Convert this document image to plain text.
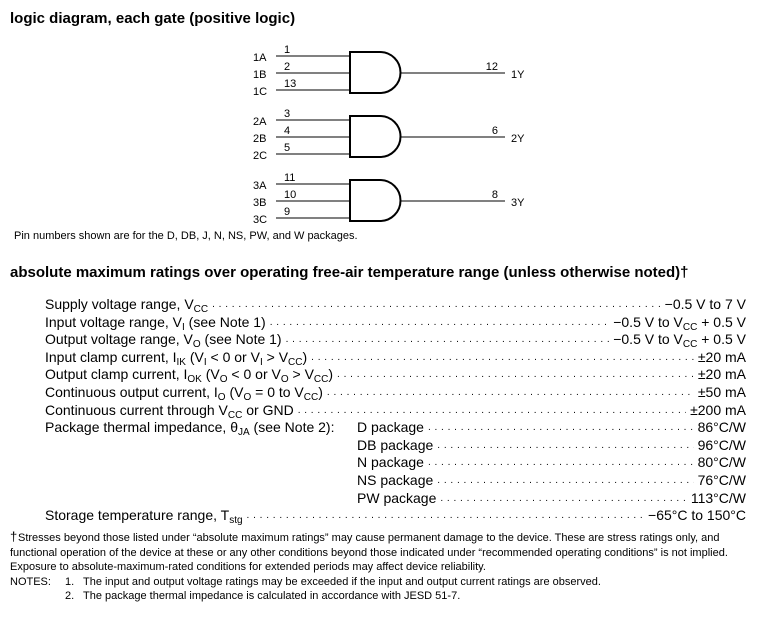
logic diagram, each gate (positive logic)
1A
1
1B
2
1C
13
12
1Y
2A
3
2B
4
2C
5
6
2Y
3A
11
3B
10
3C
9
8
3Y
Pin numbers shown are for the D, DB, J, N, NS, PW, and W packages.
absolute maximum ratings over operating free-air temperature range (unless otherwise noted)†
Supply voltage range, $V_{CC}$ . . .	−0.5 V to 7 V
Input voltage range, $V_I$ (see Note 1) . . .	−0.5 V to $V_{CC} + 0.5$ V
Output voltage range, $V_O$ (see Note 1) . . .	−0.5 V to $V_{CC} + 0.5$ V
Input clamp current, $I_{IK}$ ($V_I < 0$ or $V_I > V_{CC}$) . . .	±20 mA
Output clamp current, $I_{OK}$ ($V_O < 0$ or $V_O > V_{CC}$) . . .	±20 mA
Continuous output current, $I_O$ ($V_O = 0$ to $V_{CC}$) . . .	±50 mA
Continuous current through $V_{CC}$ or GND . . .	±200 mA
Package thermal impedance, $\theta_{JA}$ (see Note 2):	D package . . .	86°C/W
DB package . . .	96°C/W
N package . . .	80°C/W
NS package . . .	76°C/W
PW package . . .	113°C/W
Storage temperature range, $T_{stg}$ . . .	−65°C to 150°C

†Stresses beyond those listed under “absolute maximum ratings” may cause permanent damage to the device. These are stress ratings only, and functional operation of the device at these or any other conditions beyond those indicated under “recommended operating conditions” is not implied. Exposure to absolute-maximum-rated conditions for extended periods may affect device reliability.

NOTES:	1. The input and output voltage ratings may be exceeded if the input and output current ratings are observed.
2. The package thermal impedance is calculated in accordance with JESD 51-7.
